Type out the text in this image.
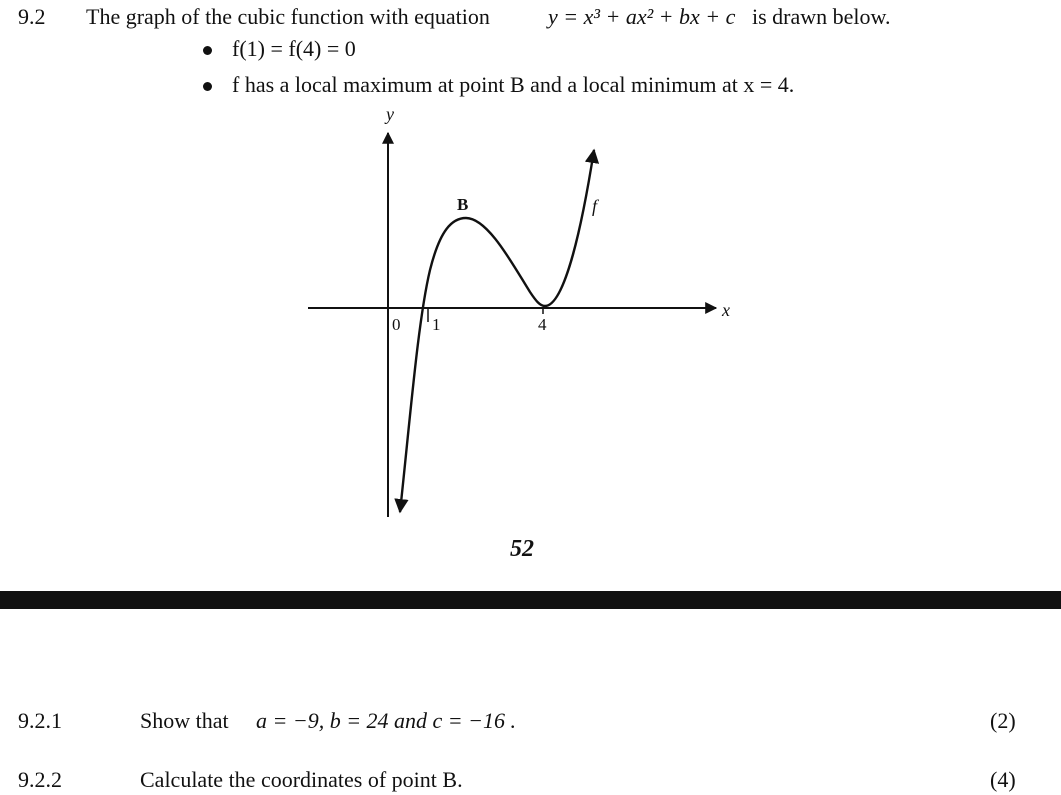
9.2 The graph of the cubic function with equation	y = x³ + ax² + bx + c is drawn below.
f(1) = f(4) = 0
f has a local maximum at point B and a local minimum at x = 4.
y
x
0 1	4
B	f
52
9.2.1	Show that a = −9, b = 24 and c = −16 .	(2)
9.2.2	Calculate the coordinates of point B.	(4)
